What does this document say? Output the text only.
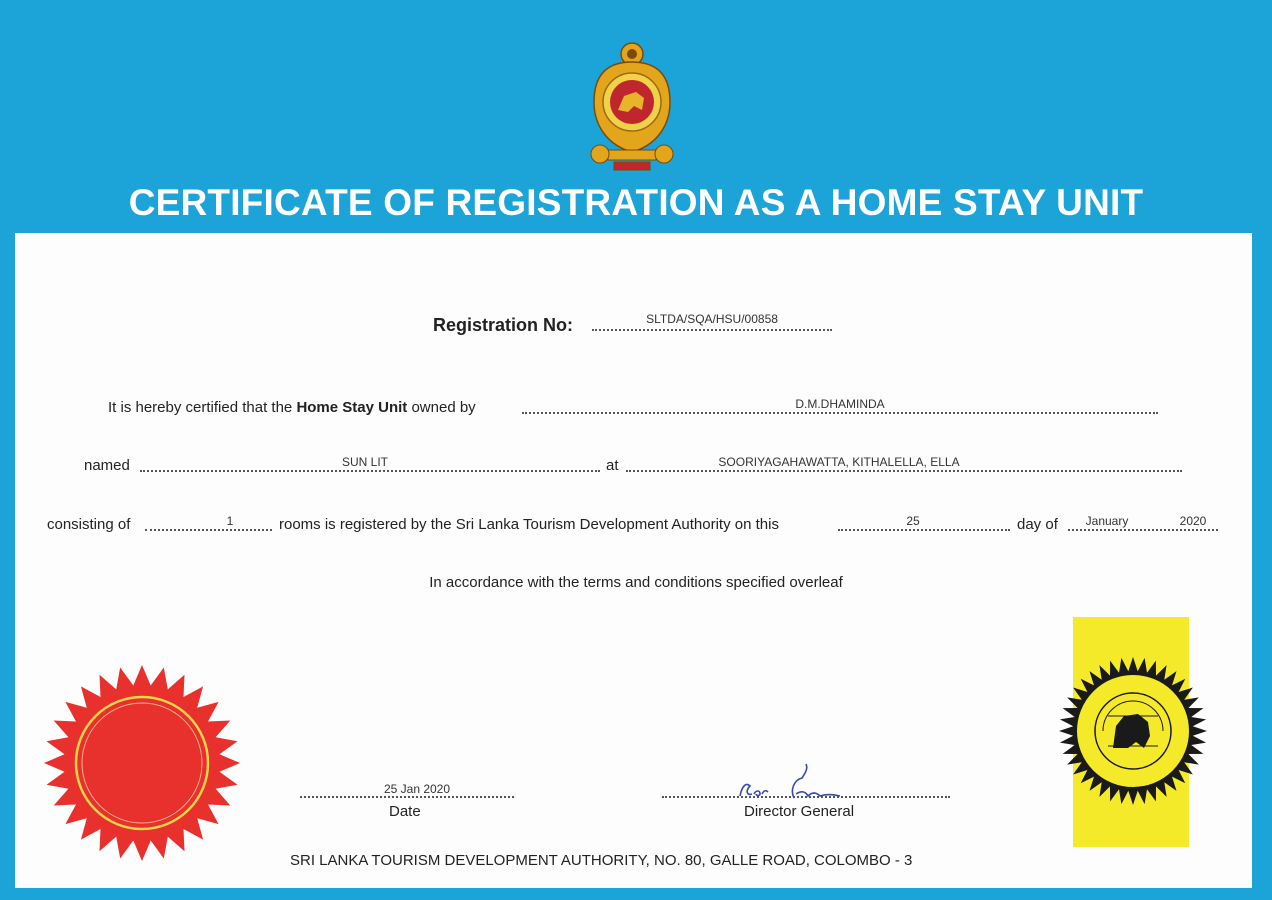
CERTIFICATE OF REGISTRATION AS A HOME STAY UNIT
Registration No:	SLTDA/SQA/HSU/00858
It is hereby certified that the Home Stay Unit owned by	D.M.DHAMINDA
named	SUN LIT	at	SOORIYAGAHAWATTA, KITHALELLA, ELLA
consisting of	1	rooms is registered by the Sri Lanka Tourism Development Authority on this	25	day of	January	2020
In accordance with the terms and conditions specified overleaf
25 Jan 2020
Date	Director General
SRI LANKA TOURISM DEVELOPMENT AUTHORITY, NO. 80, GALLE ROAD, COLOMBO - 3
